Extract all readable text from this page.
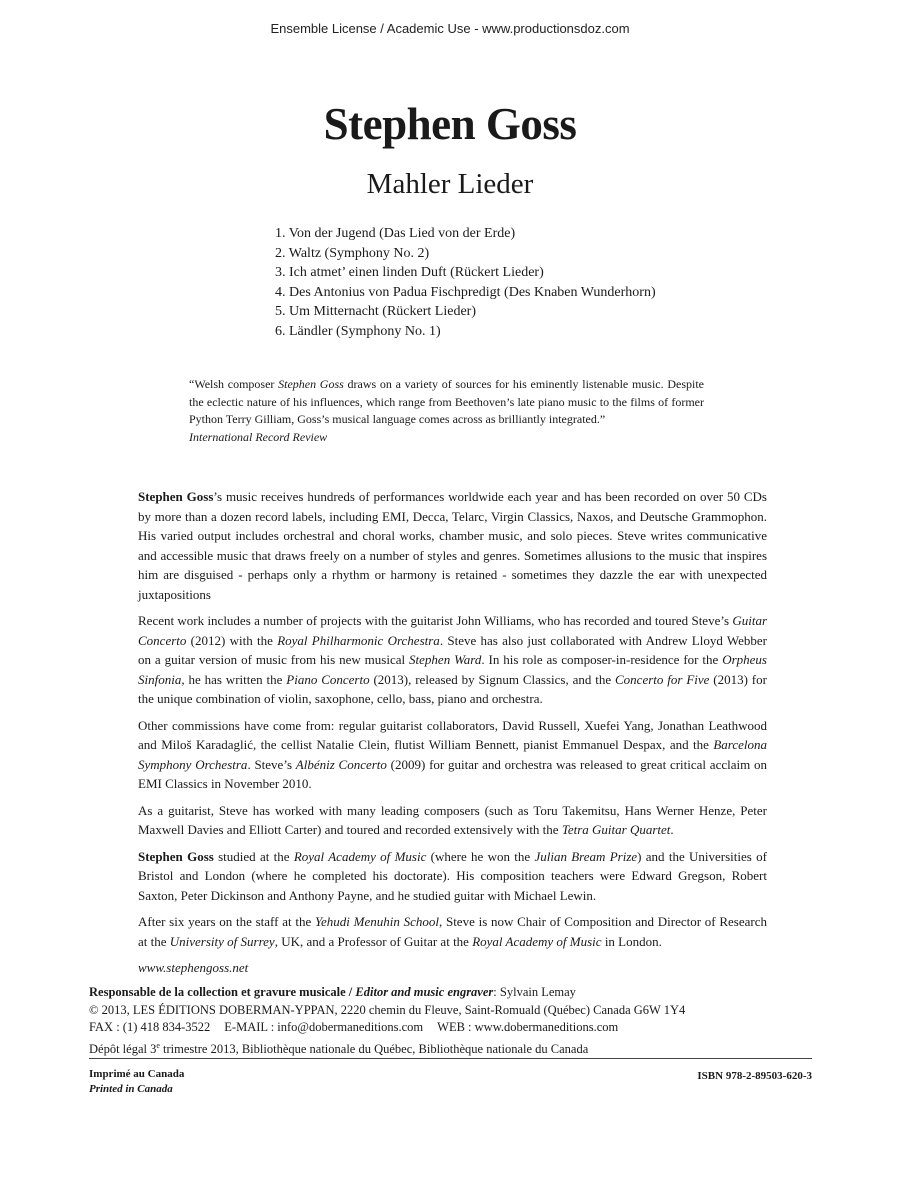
Ensemble License / Academic Use - www.productionsdoz.com
Stephen Goss
Mahler Lieder
1. Von der Jugend (Das Lied von der Erde)
2. Waltz (Symphony No. 2)
3. Ich atmet’ einen linden Duft (Rückert Lieder)
4. Des Antonius von Padua Fischpredigt (Des Knaben Wunderhorn)
5. Um Mitternacht (Rückert Lieder)
6. Ländler (Symphony No. 1)
“Welsh composer Stephen Goss draws on a variety of sources for his eminently listenable music. Despite the eclectic nature of his influences, which range from Beethoven’s late piano music to the films of former Python Terry Gilliam, Goss’s musical language comes across as brilliantly integrated.”
International Record Review

Stephen Goss’s music receives hundreds of performances worldwide each year and has been recorded on over 50 CDs by more than a dozen record labels, including EMI, Decca, Telarc, Virgin Classics, Naxos, and Deutsche Grammophon. His varied output includes orchestral and choral works, chamber music, and solo pieces. Steve writes communicative and accessible music that draws freely on a number of styles and genres. Sometimes allusions to the music that inspires him are disguised - perhaps only a rhythm or harmony is retained - sometimes they dazzle the ear with unexpected juxtapositions

Recent work includes a number of projects with the guitarist John Williams, who has recorded and toured Steve’s Guitar Concerto (2012) with the Royal Philharmonic Orchestra. Steve has also just collaborated with Andrew Lloyd Webber on a guitar version of music from his new musical Stephen Ward. In his role as composer-in-residence for the Orpheus Sinfonia, he has written the Piano Concerto (2013), released by Signum Classics, and the Concerto for Five (2013) for the unique combination of violin, saxophone, cello, bass, piano and orchestra.

Other commissions have come from: regular guitarist collaborators, David Russell, Xuefei Yang, Jonathan Leathwood and Miloš Karadaglić, the cellist Natalie Clein, flutist William Bennett, pianist Emmanuel Despax, and the Barcelona Symphony Orchestra. Steve’s Albéniz Concerto (2009) for guitar and orchestra was released to great critical acclaim on EMI Classics in November 2010.

As a guitarist, Steve has worked with many leading composers (such as Toru Takemitsu, Hans Werner Henze, Peter Maxwell Davies and Elliott Carter) and toured and recorded extensively with the Tetra Guitar Quartet.

Stephen Goss studied at the Royal Academy of Music (where he won the Julian Bream Prize) and the Universities of Bristol and London (where he completed his doctorate). His composition teachers were Edward Gregson, Robert Saxton, Peter Dickinson and Anthony Payne, and he studied guitar with Michael Lewin.

After six years on the staff at the Yehudi Menuhin School, Steve is now Chair of Composition and Director of Research at the University of Surrey, UK, and a Professor of Guitar at the Royal Academy of Music in London.

www.stephengoss.net

Responsable de la collection et gravure musicale / Editor and music engraver: Sylvain Lemay
© 2013, LES ÉDITIONS DOBERMAN-YPPAN, 2220 chemin du Fleuve, Saint-Romuald (Québec) Canada G6W 1Y4
FAX : (1) 418 834-3522 E-MAIL : info@dobermaneditions.com WEB : www.dobermaneditions.com
Dépôt légal 3e trimestre 2013, Bibliothèque nationale du Québec, Bibliothèque nationale du Canada
Imprimé au Canada
Printed in Canada
ISBN 978-2-89503-620-3
